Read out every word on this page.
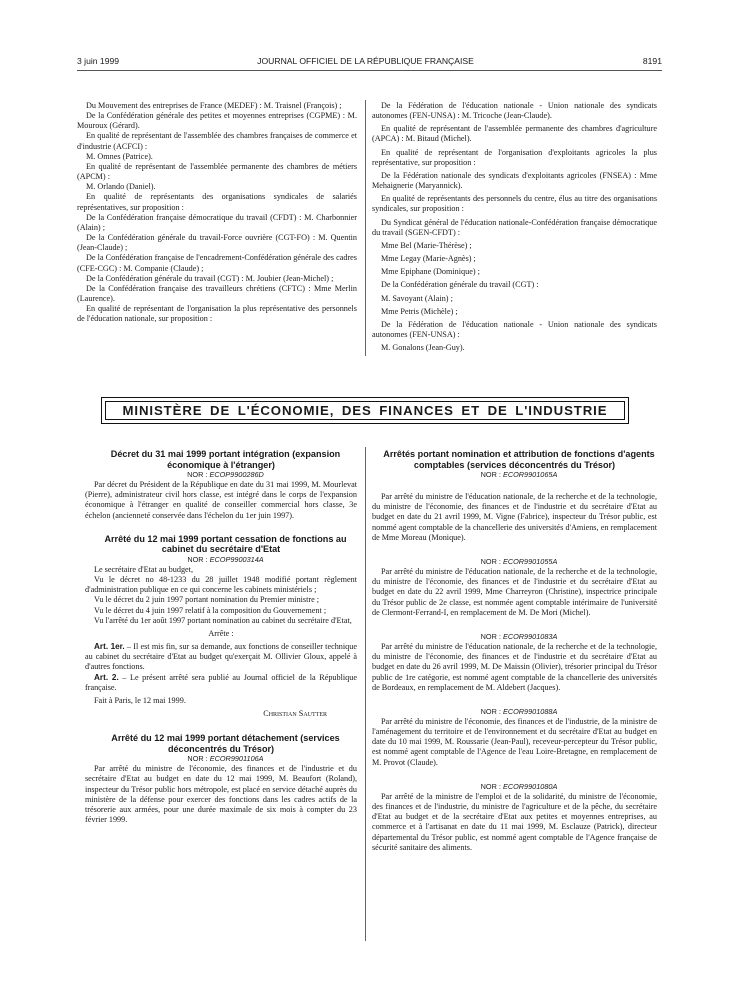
3 juin 1999	JOURNAL OFFICIEL DE LA RÉPUBLIQUE FRANÇAISE	8191

Du Mouvement des entreprises de France (MEDEF) : M. Traisnel (François) ;

De la Confédération générale des petites et moyennes entreprises (CGPME) : M. Mouroux (Gérard).

En qualité de représentant de l'assemblée des chambres françaises de commerce et d'industrie (ACFCI) :

M. Omnes (Patrice).

En qualité de représentant de l'assemblée permanente des chambres de métiers (APCM) :

M. Orlando (Daniel).

En qualité de représentants des organisations syndicales de salariés représentatives, sur proposition :

De la Confédération française démocratique du travail (CFDT) : M. Charbonnier (Alain) ;

De la Confédération générale du travail-Force ouvrière (CGT-FO) : M. Quentin (Jean-Claude) ;

De la Confédération française de l'encadrement-Confédération générale des cadres (CFE-CGC) : M. Companie (Claude) ;

De la Confédération générale du travail (CGT) : M. Joubier (Jean-Michel) ;

De la Confédération française des travailleurs chrétiens (CFTC) : Mme Merlin (Laurence).

En qualité de représentant de l'organisation la plus représentative des personnels de l'éducation nationale, sur proposition :

De la Fédération de l'éducation nationale - Union nationale des syndicats autonomes (FEN-UNSA) : M. Tricoche (Jean-Claude).

En qualité de représentant de l'assemblée permanente des chambres d'agriculture (APCA) : M. Bitaud (Michel).

En qualité de représentant de l'organisation d'exploitants agricoles la plus représentative, sur proposition :

De la Fédération nationale des syndicats d'exploitants agricoles (FNSEA) : Mme Mehaignerie (Maryannick).

En qualité de représentants des personnels du centre, élus au titre des organisations syndicales, sur proposition :

Du Syndicat général de l'éducation nationale-Confédération française démocratique du travail (SGEN-CFDT) :

Mme Bel (Marie-Thérèse) ;

Mme Legay (Marie-Agnès) ;

Mme Epiphane (Dominique) ;

De la Confédération générale du travail (CGT) :

M. Savoyant (Alain) ;

Mme Petris (Michèle) ;

De la Fédération de l'éducation nationale - Union nationale des syndicats autonomes (FEN-UNSA) :

M. Gonalons (Jean-Guy).

MINISTÈRE DE L'ÉCONOMIE, DES FINANCES ET DE L'INDUSTRIE

Décret du 31 mai 1999 portant intégration (expansion économique à l'étranger)

NOR : ECOP9900286D

Par décret du Président de la République en date du 31 mai 1999, M. Mourlevat (Pierre), administrateur civil hors classe, est intégré dans le corps de l'expansion économique à l'étranger en qualité de conseiller commercial hors classe, 3e échelon (ancienneté conservée dans l'échelon du 1er juin 1997).

Arrêté du 12 mai 1999 portant cessation de fonctions au cabinet du secrétaire d'Etat

NOR : ECOP9900314A

Le secrétaire d'Etat au budget,

Vu le décret no 48-1233 du 28 juillet 1948 modifié portant règlement d'administration publique en ce qui concerne les cabinets ministériels ;

Vu le décret du 2 juin 1997 portant nomination du Premier ministre ;

Vu le décret du 4 juin 1997 relatif à la composition du Gouvernement ;

Vu l'arrêté du 1er août 1997 portant nomination au cabinet du secrétaire d'Etat,

Arrête :

Art. 1er. – Il est mis fin, sur sa demande, aux fonctions de conseiller technique au cabinet du secrétaire d'Etat au budget qu'exerçait M. Ollivier Gloux, appelé à d'autres fonctions.

Art. 2. – Le présent arrêté sera publié au Journal officiel de la République française.

Fait à Paris, le 12 mai 1999.

Christian Sautter

Arrêté du 12 mai 1999 portant détachement (services déconcentrés du Trésor)

NOR : ECOR9901106A

Par arrêté du ministre de l'économie, des finances et de l'industrie et du secrétaire d'Etat au budget en date du 12 mai 1999, M. Beaufort (Roland), inspecteur du Trésor public hors métropole, est placé en service détaché auprès du ministère de la défense pour exercer des fonctions dans les cadres actifs de la trésorerie aux armées, pour une durée maximale de six mois à compter du 23 février 1999.

Arrêtés portant nomination et attribution de fonctions d'agents comptables (services déconcentrés du Trésor)

NOR : ECOR9901065A

Par arrêté du ministre de l'éducation nationale, de la recherche et de la technologie, du ministre de l'économie, des finances et de l'industrie et du secrétaire d'Etat au budget en date du 21 avril 1999, M. Vigne (Fabrice), inspecteur du Trésor public, est nommé agent comptable de la chancellerie des universités d'Amiens, en remplacement de Mme Moreau (Monique).

NOR : ECOR9901055A

Par arrêté du ministre de l'éducation nationale, de la recherche et de la technologie, du ministre de l'économie, des finances et de l'industrie et du secrétaire d'Etat au budget en date du 22 avril 1999, Mme Charreyron (Christine), inspectrice principale du Trésor public de 2e classe, est nommée agent comptable intérimaire de l'université de Clermont-Ferrand-I, en remplacement de M. De Mori (Michel).

NOR : ECOR9901083A

Par arrêté du ministre de l'éducation nationale, de la recherche et de la technologie, du ministre de l'économie, des finances et de l'industrie et du secrétaire d'Etat au budget en date du 26 avril 1999, M. De Maissin (Olivier), trésorier principal du Trésor public de 1re catégorie, est nommé agent comptable de la chancellerie des universités de Bordeaux, en remplacement de M. Aldebert (Jacques).

NOR : ECOR9901088A

Par arrêté du ministre de l'économie, des finances et de l'industrie, de la ministre de l'aménagement du territoire et de l'environnement et du secrétaire d'Etat au budget en date du 10 mai 1999, M. Roussarie (Jean-Paul), receveur-percepteur du Trésor public, est nommé agent comptable de l'Agence de l'eau Loire-Bretagne, en remplacement de M. Provot (Claude).

NOR : ECOR9901080A

Par arrêté de la ministre de l'emploi et de la solidarité, du ministre de l'économie, des finances et de l'industrie, du ministre de l'agriculture et de la pêche, du secrétaire d'Etat au budget et de la secrétaire d'Etat aux petites et moyennes entreprises, au commerce et à l'artisanat en date du 11 mai 1999, M. Esclauze (Patrick), directeur départemental du Trésor public, est nommé agent comptable de l'Agence française de sécurité sanitaire des aliments.
